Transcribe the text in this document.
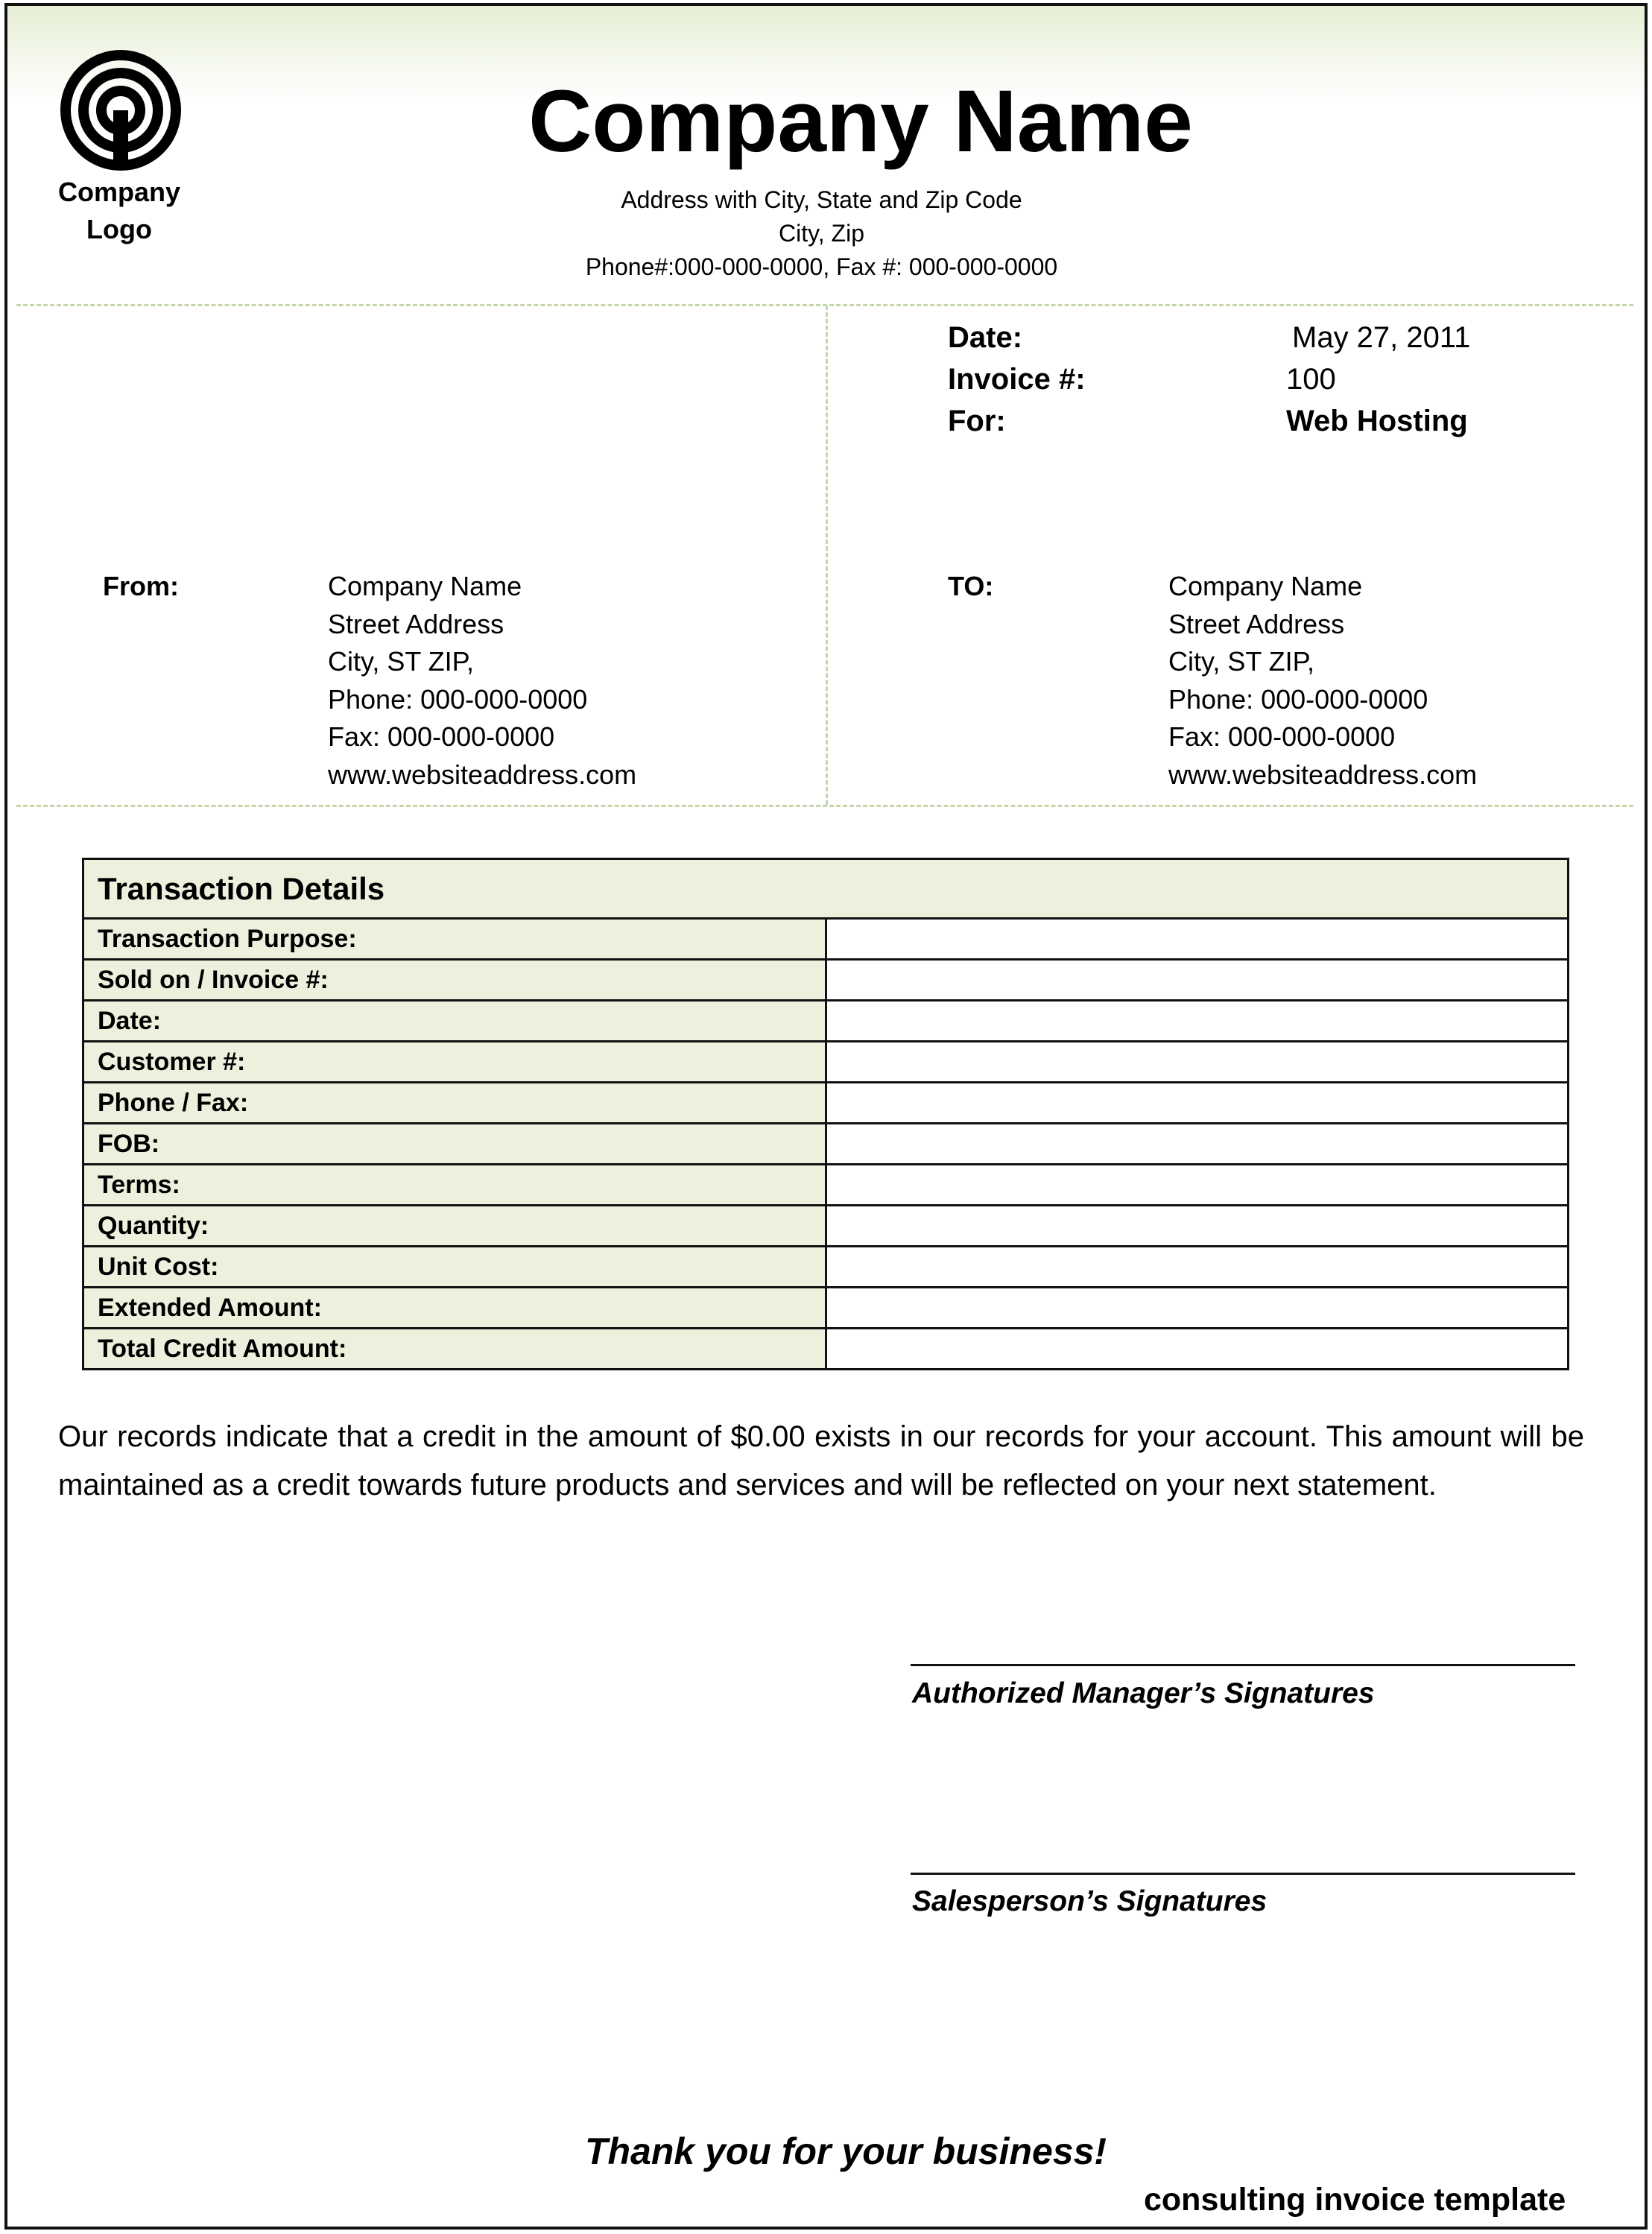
Company
Logo
Company Name
Address with City, State and Zip Code
City, Zip
Phone#:000-000-0000, Fax #: 000-000-0000
Date:	May 27, 2011
Invoice #:	100
For:	Web Hosting
From:	Company Name
Street Address
City, ST ZIP,
Phone: 000-000-0000
Fax: 000-000-0000
www.websiteaddress.com
TO:	Company Name
Street Address
City, ST ZIP,
Phone: 000-000-0000
Fax: 000-000-0000
www.websiteaddress.com
Transaction Details	
Transaction Purpose:	
Sold on / Invoice #:	
Date:	
Customer #:	
Phone / Fax:	
FOB:	
Terms:	
Quantity:	
Unit Cost:	
Extended Amount:	
Total Credit Amount:	
Our records indicate that a credit in the amount of $0.00 exists in our records for your account. This amount will be maintained as a credit towards future products and services and will be reflected on your next statement.
Authorized Manager’s Signatures
Salesperson’s Signatures
Thank you for your business!
consulting invoice template
